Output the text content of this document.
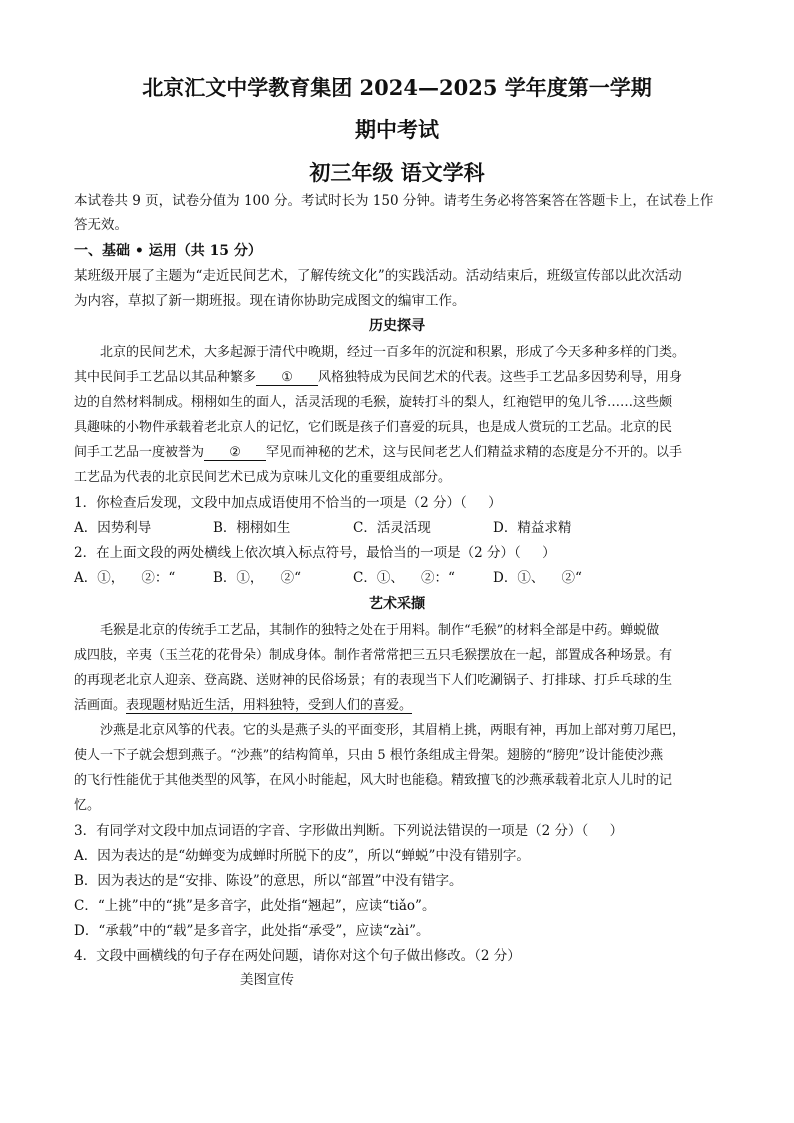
北京汇文中学教育集团 2024—2025 学年度第一学期
期中考试
初三年级 语文学科
本试卷共 9 页，试卷分值为 100 分。考试时长为 150 分钟。请考生务必将答案答在答题卡上，在试卷上作
答无效。
一、基础 • 运用（共 15 分）
某班级开展了主题为“走近民间艺术，了解传统文化”的实践活动。活动结束后，班级宣传部以此次活动
为内容，草拟了新一期班报。现在请你协助完成图文的编审工作。
历史探寻
北京的民间艺术，大多起源于清代中晚期，经过一百多年的沉淀和积累，形成了今天多种多样的门类。
其中民间手工艺品以其品种繁多 ① 风格独特成为民间艺术的代表。这些手工艺品多因势利导，用身
边的自然材料制成。栩栩如生的面人，活灵活现的毛猴，旋转打斗的梨人，红袍铠甲的兔儿爷……这些颇
具趣味的小物件承载着老北京人的记忆，它们既是孩子们喜爱的玩具，也是成人赏玩的工艺品。北京的民
间手工艺品一度被誉为 ② 罕见而神秘的艺术，这与民间老艺人们精益求精的态度是分不开的。以手
工艺品为代表的北京民间艺术已成为京味儿文化的重要组成部分。
1．你检查后发现，文段中加点成语使用不恰当的一项是（2 分）（     ）
A．因势利导	B．栩栩如生	C．活灵活现	D．精益求精
2．在上面文段的两处横线上依次填入标点符号，最恰当的一项是（2 分）（     ）
A．①，    ②：“	B．①，    ②“	C．①、    ②：“	D．①、    ②“
艺术采撷
毛猴是北京的传统手工艺品，其制作的独特之处在于用料。制作“毛猴”的材料全部是中药。蝉蜕做
成四肢，辛夷（玉兰花的花骨朵）制成身体。制作者常常把三五只毛猴摆放在一起，部置成各种场景。有
的再现老北京人迎亲、登高跷、送财神的民俗场景；有的表现当下人们吃涮锅子、打排球、打乒乓球的生
活画面。表现题材贴近生活，用料独特，受到人们的喜爱。
沙燕是北京风筝的代表。它的头是燕子头的平面变形，其眉梢上挑，两眼有神，再加上部对剪刀尾巴，
使人一下子就会想到燕子。“沙燕”的结构简单，只由 5 根竹条组成主骨架。翅膀的“膀兜”设计能使沙燕
的飞行性能优于其他类型的风筝，在风小时能起，风大时也能稳。精致擅飞的沙燕承载着北京人儿时的记
忆。
3．有同学对文段中加点词语的字音、字形做出判断。下列说法错误的一项是（2 分）（     ）
A．因为表达的是“幼蝉变为成蝉时所脱下的皮”，所以“蝉蜕”中没有错别字。
B．因为表达的是“安排、陈设”的意思，所以“部置”中没有错字。
C．“上挑”中的“挑”是多音字，此处指“翘起”，应读“tiǎo”。
D．“承载”中的“载”是多音字，此处指“承受”，应读“zài”。
4．文段中画横线的句子存在两处问题，请你对这个句子做出修改。（2 分）
美图宣传
